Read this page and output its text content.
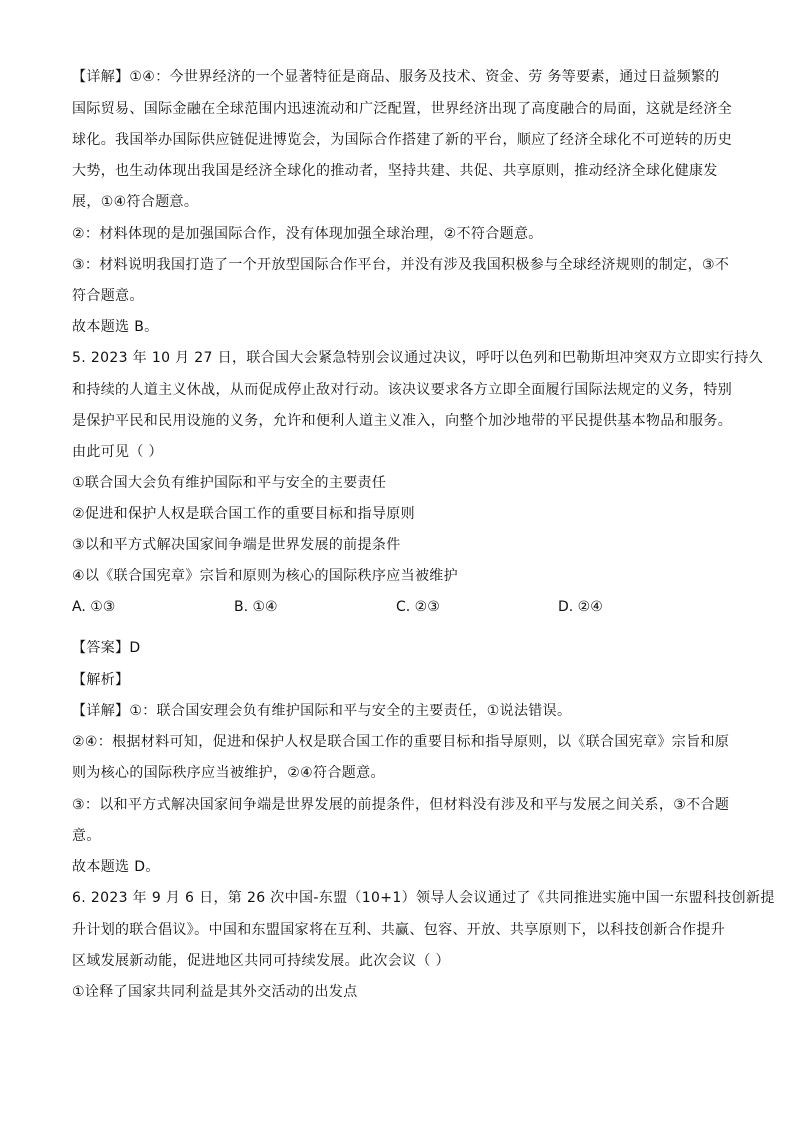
【详解】①④：今世界经济的一个显著特征是商品、服务及技术、资金、劳 务等要素，通过日益频繁的
国际贸易、国际金融在全球范围内迅速流动和广泛配置，世界经济出现了高度融合的局面，这就是经济全
球化。我国举办国际供应链促进博览会，为国际合作搭建了新的平台，顺应了经济全球化不可逆转的历史
大势，也生动体现出我国是经济全球化的推动者，坚持共建、共促、共享原则，推动经济全球化健康发
展，①④符合题意。
②：材料体现的是加强国际合作，没有体现加强全球治理，②不符合题意。
③：材料说明我国打造了一个开放型国际合作平台，并没有涉及我国积极参与全球经济规则的制定，③不
符合题意。
故本题选 B。
5. 2023 年 10 月 27 日，联合国大会紧急特别会议通过决议，呼吁以色列和巴勒斯坦冲突双方立即实行持久
和持续的人道主义休战，从而促成停止敌对行动。该决议要求各方立即全面履行国际法规定的义务，特别
是保护平民和民用设施的义务，允许和便利人道主义准入，向整个加沙地带的平民提供基本物品和服务。
由此可见（ ）
①联合国大会负有维护国际和平与安全的主要责任
②促进和保护人权是联合国工作的重要目标和指导原则
③以和平方式解决国家间争端是世界发展的前提条件
④以《联合国宪章》宗旨和原则为核心的国际秩序应当被维护
A. ①③	B. ①④	C. ②③	D. ②④
【答案】D
【解析】
【详解】①：联合国安理会负有维护国际和平与安全的主要责任，①说法错误。
②④：根据材料可知，促进和保护人权是联合国工作的重要目标和指导原则，以《联合国宪章》宗旨和原
则为核心的国际秩序应当被维护，②④符合题意。
③：以和平方式解决国家间争端是世界发展的前提条件，但材料没有涉及和平与发展之间关系，③不合题
意。
故本题选 D。
6. 2023 年 9 月 6 日，第 26 次中国-东盟（10+1）领导人会议通过了《共同推进实施中国一东盟科技创新提
升计划的联合倡议》。中国和东盟国家将在互利、共赢、包容、开放、共享原则下，以科技创新合作提升
区域发展新动能，促进地区共同可持续发展。此次会议（ ）
①诠释了国家共同利益是其外交活动的出发点
